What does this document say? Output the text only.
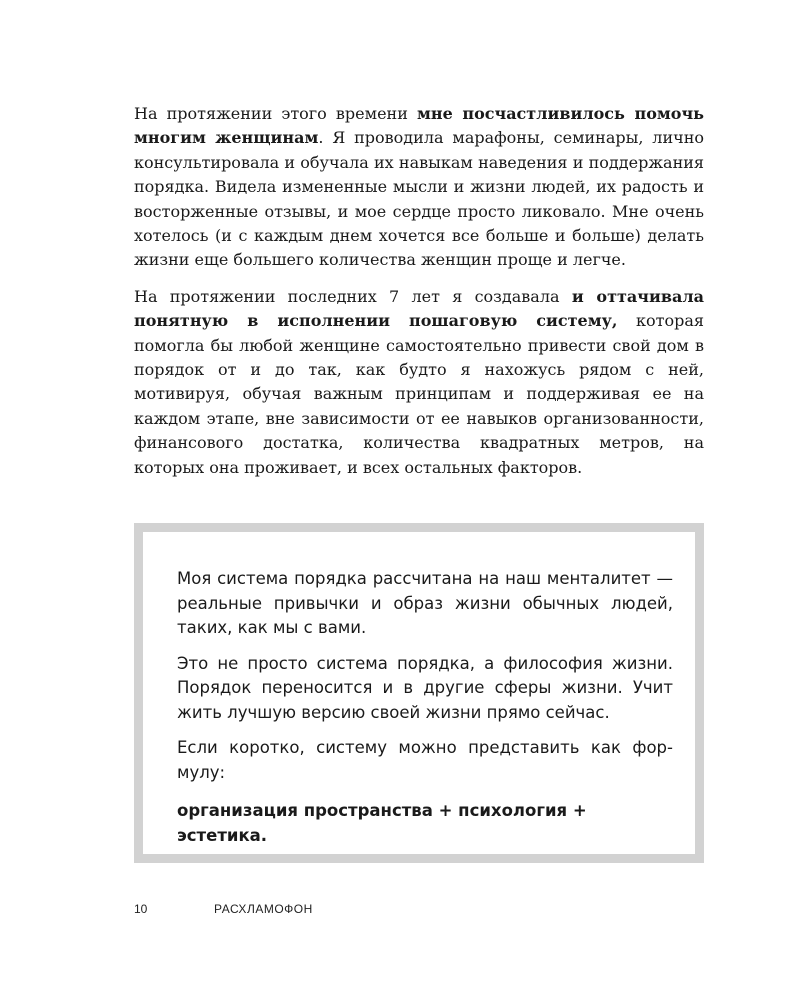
На протяжении этого времени мне посчастливилось помочь многим женщинам. Я проводила марафоны, семинары, лично консультировала и обучала их навыкам наведения и поддержания порядка. Видела измененные мысли и жизни людей, их радость и восторженные отзывы, и мое сердце просто ликовало. Мне очень хотелось (и с каждым днем хочется все больше и больше) делать жизни еще большего количества женщин проще и легче.

На протяжении последних 7 лет я создавала и оттачивала понятную в исполнении пошаговую систему, которая помогла бы любой женщине самостоятельно привести свой дом в порядок от и до так, как будто я нахожусь рядом с ней, мотивируя, обучая важным принципам и поддерживая ее на каждом этапе, вне зависимости от ее навыков организованности, финансового достатка, количества квадратных метров, на которых она проживает, и всех остальных факторов.

Моя система порядка рассчитана на наш менталитет — реальные привычки и образ жизни обычных людей, таких, как мы с вами.

Это не просто система порядка, а философия жизни. Порядок переносится и в другие сферы жизни. Учит жить лучшую версию своей жизни прямо сейчас.

Если коротко, систему можно представить как формулу:

организация пространства + психология + эстетика.

10	РАСХЛАМОФОН
